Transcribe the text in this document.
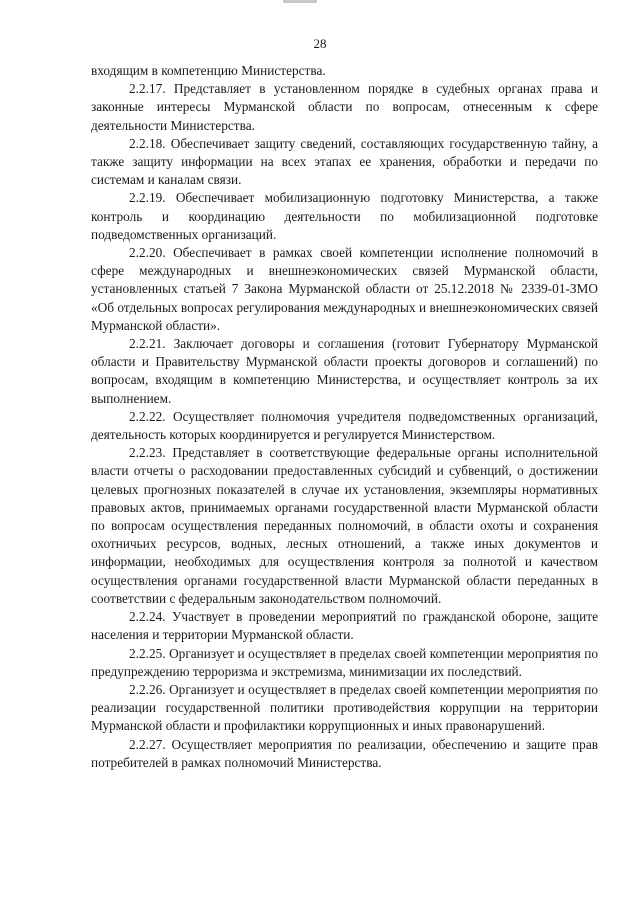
28

входящим в компетенцию Министерства.

2.2.17. Представляет в установленном порядке в судебных органах права и законные интересы Мурманской области по вопросам, отнесенным к сфере деятельности Министерства.

2.2.18. Обеспечивает защиту сведений, составляющих государственную тайну, а также защиту информации на всех этапах ее хранения, обработки и передачи по системам и каналам связи.

2.2.19. Обеспечивает мобилизационную подготовку Министерства, а также контроль и координацию деятельности по мобилизационной подготовке подведомственных организаций.

2.2.20. Обеспечивает в рамках своей компетенции исполнение полномочий в сфере международных и внешнеэкономических связей Мурманской области, установленных статьей 7 Закона Мурманской области от 25.12.2018 № 2339-01-ЗМО «Об отдельных вопросах регулирования международных и внешнеэкономических связей Мурманской области».

2.2.21. Заключает договоры и соглашения (готовит Губернатору Мурманской области и Правительству Мурманской области проекты договоров и соглашений) по вопросам, входящим в компетенцию Министерства, и осуществляет контроль за их выполнением.

2.2.22. Осуществляет полномочия учредителя подведомственных организаций, деятельность которых координируется и регулируется Министерством.

2.2.23. Представляет в соответствующие федеральные органы исполнительной власти отчеты о расходовании предоставленных субсидий и субвенций, о достижении целевых прогнозных показателей в случае их установления, экземпляры нормативных правовых актов, принимаемых органами государственной власти Мурманской области по вопросам осуществления переданных полномочий, в области охоты и сохранения охотничьих ресурсов, водных, лесных отношений, а также иных документов и информации, необходимых для осуществления контроля за полнотой и качеством осуществления органами государственной власти Мурманской области переданных в соответствии с федеральным законодательством полномочий.

2.2.24. Участвует в проведении мероприятий по гражданской обороне, защите населения и территории Мурманской области.

2.2.25. Организует и осуществляет в пределах своей компетенции мероприятия по предупреждению терроризма и экстремизма, минимизации их последствий.

2.2.26. Организует и осуществляет в пределах своей компетенции мероприятия по реализации государственной политики противодействия коррупции на территории Мурманской области и профилактики коррупционных и иных правонарушений.

2.2.27. Осуществляет мероприятия по реализации, обеспечению и защите прав потребителей в рамках полномочий Министерства.
